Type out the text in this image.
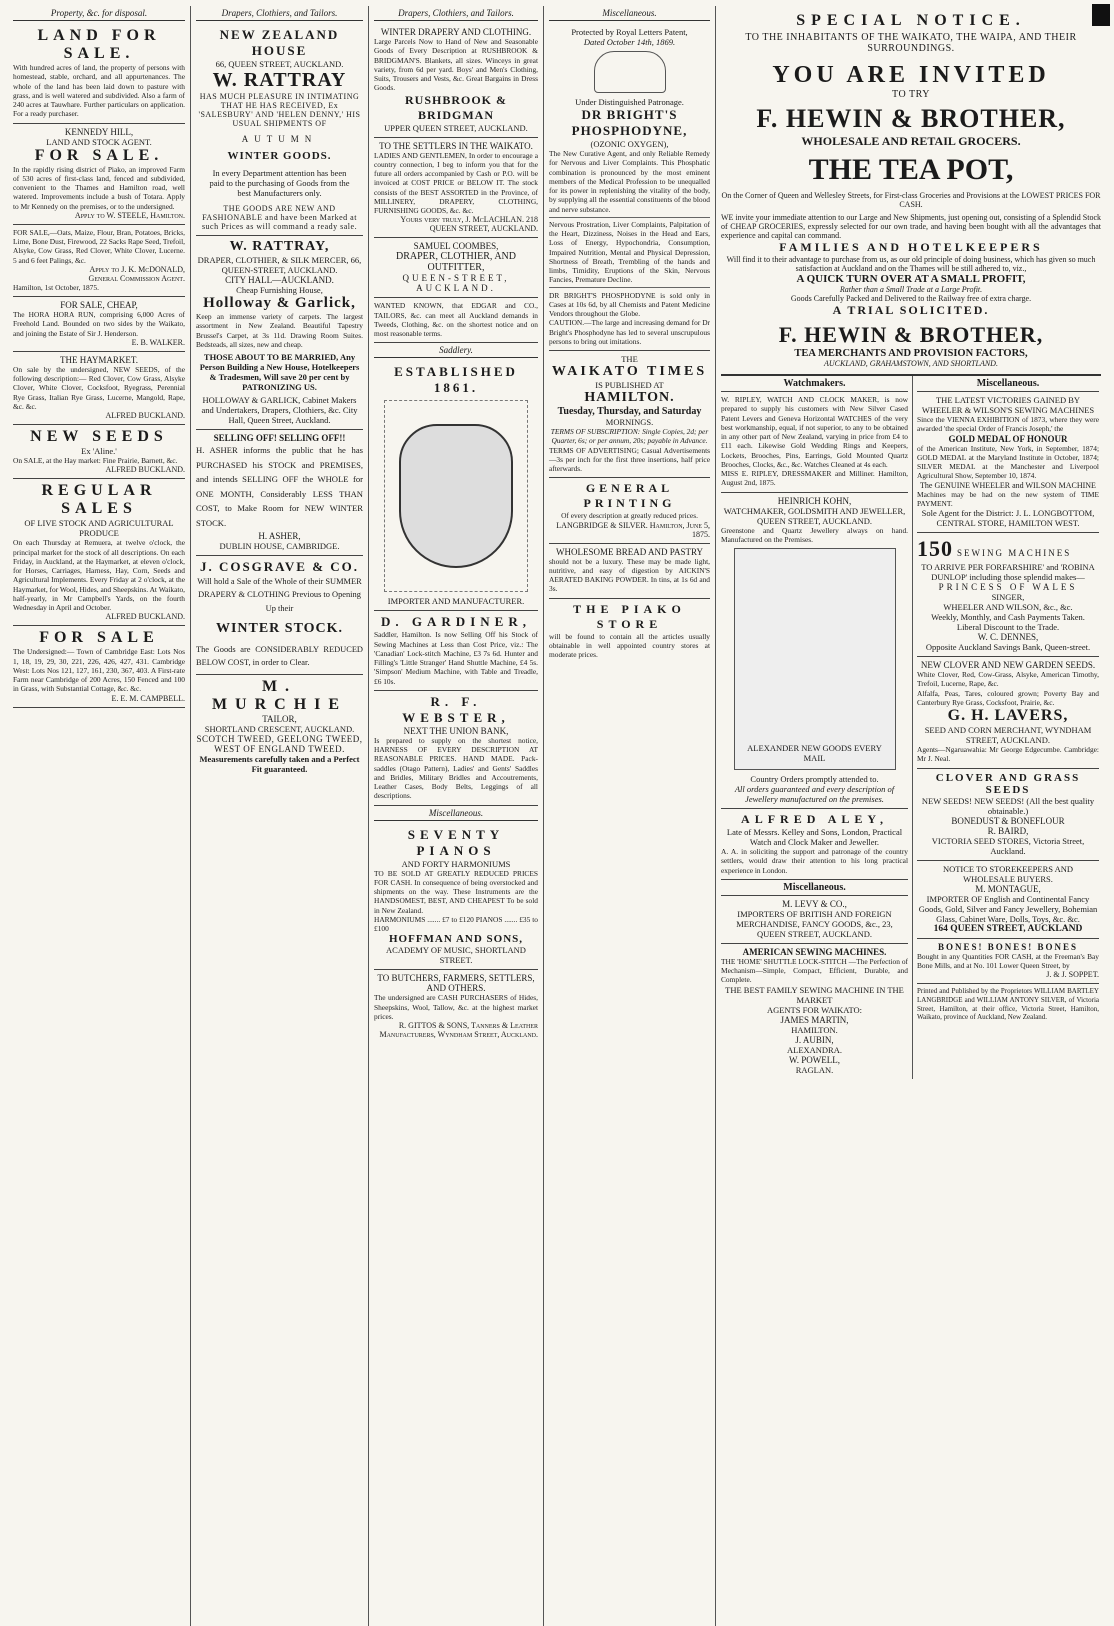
Property, &c. for disposal.
LAND FOR SALE.
With hundred acres of land, the property of persons with homestead, stable, orchard, and all appurtenances. The whole of the land has been laid down to pasture with grass, and is well watered and subdivided. Also a farm of 240 acres at Tauwhare. Further particulars on application. For a ready purchaser.
KENNEDY HILL,
LAND AND STOCK AGENT.
FOR SALE.
In the rapidly rising district of Piako, an improved Farm of 530 acres of first-class land, fenced and subdivided, convenient to the Thames and Hamilton road, well watered. Improvements include a bush of Totara. Apply to Mr Kennedy on the premises, or to the undersigned.
Apply to W. STEELE, Hamilton.
FOR SALE,—Oats, Maize, Flour, Bran, Potatoes, Bricks, Lime, Bone Dust, Firewood, 22 Sacks Rape Seed, Trefoil, Alsyke, Cow Grass, Red Clover, White Clover, Lucerne. 5 and 6 feet Palings, &c.
Apply to J. K. McDONALD,
General Commission Agent.
Hamilton, 1st October, 1875.
FOR SALE, CHEAP,
The HORA HORA RUN, comprising 6,000 Acres of Freehold Land. Bounded on two sides by the Waikato, and joining the Estate of Sir J. Henderson.
E. B. WALKER.
THE HAYMARKET.
On sale by the undersigned, NEW SEEDS, of the following description:— Red Clover, Cow Grass, Alsyke Clover, White Clover, Cocksfoot, Ryegrass, Perennial Rye Grass, Italian Rye Grass, Lucerne, Mangold, Rape, &c. &c.
ALFRED BUCKLAND.
NEW SEEDS
Ex 'Aline.'
On SALE, at the Hay market: Fine Prairie, Barnett, &c.
ALFRED BUCKLAND.
REGULAR SALES
OF LIVE STOCK AND AGRICULTURAL PRODUCE
On each Thursday at Remuera, at twelve o'clock, the principal market for the stock of all descriptions. On each Friday, in Auckland, at the Haymarket, at eleven o'clock, for Horses, Carriages, Harness, Hay, Corn, Seeds and Agricultural Implements. Every Friday at 2 o'clock, at the Haymarket, for Wool, Hides, and Sheepskins. At Waikato, half-yearly, in Mr Campbell's Yards, on the fourth Wednesday in April and October.
ALFRED BUCKLAND.
FOR SALE
The Undersigned:— Town of Cambridge East: Lots Nos 1, 18, 19, 29, 30, 221, 226, 426, 427, 431. Cambridge West: Lots Nos 121, 127, 161, 230, 367, 403. A First-rate Farm near Cambridge of 200 Acres, 150 Fenced and 100 in Grass, with Substantial Cottage, &c. &c.
E. E. M. CAMPBELL.
Drapers, Clothiers, and Tailors.
NEW ZEALAND HOUSE
66, QUEEN STREET, AUCKLAND.
W. RATTRAY
HAS MUCH PLEASURE IN INTIMATING THAT HE HAS RECEIVED, Ex 'SALESBURY' AND 'HELEN DENNY,' HIS USUAL SHIPMENTS OF
AUTUMN
WINTER GOODS.
In every Department attention has been paid to the purchasing of Goods from the best Manufacturers only.
THE GOODS ARE NEW AND FASHIONABLE and have been Marked at such Prices as will command a ready sale.
W. RATTRAY,
DRAPER, CLOTHIER, & SILK MERCER, 66, QUEEN-STREET, AUCKLAND.
CITY HALL—AUCKLAND.
Cheap Furnishing House,
Holloway & Garlick,
Keep an immense variety of carpets. The largest assortment in New Zealand. Beautiful Tapestry Brussel's Carpet, at 3s 11d. Drawing Room Suites. Bedsteads, all sizes, new and cheap.
THOSE ABOUT TO BE MARRIED, Any Person Building a New House, Hotelkeepers & Tradesmen, Will save 20 per cent by PATRONIZING US.
HOLLOWAY & GARLICK, Cabinet Makers and Undertakers, Drapers, Clothiers, &c. City Hall, Queen Street, Auckland.
SELLING OFF! SELLING OFF!!
H. ASHER informs the public that he has PURCHASED his STOCK and PREMISES, and intends SELLING OFF the WHOLE for ONE MONTH, Considerably LESS THAN COST, to Make Room for NEW WINTER STOCK.
H. ASHER,
DUBLIN HOUSE, CAMBRIDGE.
J. COSGRAVE & CO.
Will hold a Sale of the Whole of their SUMMER DRAPERY & CLOTHING Previous to Opening Up their
WINTER STOCK.
The Goods are CONSIDERABLY REDUCED BELOW COST, in order to Clear.
M. MURCHIE
TAILOR,
SHORTLAND CRESCENT, AUCKLAND.
SCOTCH TWEED, GEELONG TWEED, WEST OF ENGLAND TWEED.
Measurements carefully taken and a Perfect Fit guaranteed.
Drapers, Clothiers, and Tailors.
WINTER DRAPERY AND CLOTHING.
Large Parcels Now to Hand of New and Seasonable Goods of Every Description at RUSHBROOK & BRIDGMAN'S. Blankets, all sizes. Winceys in great variety, from 6d per yard. Boys' and Men's Clothing, Suits, Trousers and Vests, &c. Great Bargains in Dress Goods.
RUSHBROOK & BRIDGMAN
UPPER QUEEN STREET, AUCKLAND.
TO THE SETTLERS IN THE WAIKATO.
LADIES AND GENTLEMEN, In order to encourage a country connection, I beg to inform you that for the future all orders accompanied by Cash or P.O. will be invoiced at COST PRICE or BELOW IT. The stock consists of the BEST ASSORTED in the Province, of MILLINERY, DRAPERY, CLOTHING, FURNISHING GOODS, &c. &c.
Yours very truly, J. McLACHLAN. 218 QUEEN STREET, AUCKLAND.
SAMUEL COOMBES,
DRAPER, CLOTHIER, AND OUTFITTER,
QUEEN-STREET, AUCKLAND.
WANTED KNOWN, that EDGAR and CO., TAILORS, &c. can meet all Auckland demands in Tweeds, Clothing, &c. on the shortest notice and on most reasonable terms.
Saddlery.
ESTABLISHED 1861.
IMPORTER AND MANUFACTURER.
D. GARDINER,
Saddler, Hamilton. Is now Selling Off his Stock of Sewing Machines at Less than Cost Price, viz.: The 'Canadian' Lock-stitch Machine, £3 7s 6d. Hunter and Filling's 'Little Stranger' Hand Shuttle Machine, £4 5s. 'Simpson' Medium Machine, with Table and Treadle, £6 10s.
R. F. WEBSTER,
NEXT THE UNION BANK,
Is prepared to supply on the shortest notice, HARNESS OF EVERY DESCRIPTION AT REASONABLE PRICES. HAND MADE. Pack-saddles (Otago Pattern), Ladies' and Gents' Saddles and Bridles, Military Bridles and Accoutrements, Leather Cases, Body Belts, Leggings of all descriptions.
Miscellaneous.
SEVENTY PIANOS
AND FORTY HARMONIUMS
TO BE SOLD AT GREATLY REDUCED PRICES FOR CASH. In consequence of being overstocked and shipments on the way. These Instruments are the HANDSOMEST, BEST, AND CHEAPEST To be sold in New Zealand.
HARMONIUMS ....... £7 to £120 PIANOS ....... £35 to £100
HOFFMAN AND SONS,
ACADEMY OF MUSIC, SHORTLAND STREET.
TO BUTCHERS, FARMERS, SETTLERS, AND OTHERS.
The undersigned are CASH PURCHASERS of Hides, Sheepskins, Wool, Tallow, &c. at the highest market prices.
R. GITTOS & SONS, Tanners & Leather Manufacturers, Wyndham Street, Auckland.
Miscellaneous.
Protected by Royal Letters Patent,
Dated October 14th, 1869.
Under Distinguished Patronage.
DR BRIGHT'S PHOSPHODYNE,
(OZONIC OXYGEN),
The New Curative Agent, and only Reliable Remedy for Nervous and Liver Complaints. This Phosphatic combination is pronounced by the most eminent members of the Medical Profession to be unequalled for its power in replenishing the vitality of the body, by supplying all the essential constituents of the blood and nerve substance.
Nervous Prostration, Liver Complaints, Palpitation of the Heart, Dizziness, Noises in the Head and Ears, Loss of Energy, Hypochondria, Consumption, Impaired Nutrition, Mental and Physical Depression, Shortness of Breath, Trembling of the hands and limbs, Timidity, Eruptions of the Skin, Nervous Fancies, Premature Decline.
DR BRIGHT'S PHOSPHODYNE is sold only in Cases at 10s 6d, by all Chemists and Patent Medicine Vendors throughout the Globe.
CAUTION.—The large and increasing demand for Dr Bright's Phosphodyne has led to several unscrupulous persons to bring out imitations.
THE
WAIKATO TIMES
IS PUBLISHED AT
HAMILTON.
Tuesday, Thursday, and Saturday
MORNINGS.
TERMS OF SUBSCRIPTION: Single Copies, 2d; per Quarter, 6s; or per annum, 20s; payable in Advance.
TERMS OF ADVERTISING; Casual Advertisements—3s per inch for the first three insertions, half price afterwards.
GENERAL PRINTING
Of every description at greatly reduced prices.
LANGBRIDGE & SILVER. Hamilton, June 5, 1875.
WHOLESOME BREAD AND PASTRY
should not be a luxury. These may be made light, nutritive, and easy of digestion by AICKIN'S AERATED BAKING POWDER. In tins, at 1s 6d and 3s.
THE PIAKO STORE
will be found to contain all the articles usually obtainable in well appointed country stores at moderate prices.
SPECIAL NOTICE.
TO THE INHABITANTS OF THE WAIKATO, THE WAIPA, AND THEIR SURROUNDINGS.
YOU ARE INVITED
TO TRY
F. HEWIN & BROTHER,
WHOLESALE AND RETAIL GROCERS.
THE TEA POT,
On the Corner of Queen and Wellesley Streets, for First-class Groceries and Provisions at the LOWEST PRICES FOR CASH.
WE invite your immediate attention to our Large and New Shipments, just opening out, consisting of a Splendid Stock of CHEAP GROCERIES, expressly selected for our own trade, and having been bought with all the advantages that experience and capital can command.
FAMILIES AND HOTELKEEPERS
Will find it to their advantage to purchase from us, as our old principle of doing business, which has given so much satisfaction at Auckland and on the Thames will be still adhered to, viz.,
A QUICK TURN OVER AT A SMALL PROFIT,
Rather than a Small Trade at a Large Profit.
Goods Carefully Packed and Delivered to the Railway free of extra charge.
A TRIAL SOLICITED.
F. HEWIN & BROTHER,
TEA MERCHANTS AND PROVISION FACTORS,
AUCKLAND, GRAHAMSTOWN, AND SHORTLAND.
Watchmakers.
W. RIPLEY, WATCH AND CLOCK MAKER, is now prepared to supply his customers with New Silver Cased Patent Levers and Geneva Horizontal WATCHES of the very best workmanship, equal, if not superior, to any to be obtained in any other part of New Zealand, varying in price from £4 to £11 each. Likewise Gold Wedding Rings and Keepers, Lockets, Brooches, Pins, Earrings, Gold Mounted Quartz Brooches, Clocks, &c., &c. Watches Cleaned at 4s each.
MISS E. RIPLEY, DRESSMAKER and Milliner. Hamilton, August 2nd, 1875.
HEINRICH KOHN,
WATCHMAKER, GOLDSMITH AND JEWELLER, QUEEN STREET, AUCKLAND.
Greenstone and Quartz Jewellery always on hand. Manufactured on the Premises.
ALEXANDER NEW GOODS EVERY MAIL
Country Orders promptly attended to.
All orders guaranteed and every description of Jewellery manufactured on the premises.
ALFRED ALEY,
Late of Messrs. Kelley and Sons, London, Practical Watch and Clock Maker and Jeweller.
A. A. in soliciting the support and patronage of the country settlers, would draw their attention to his long practical experience in London.
Miscellaneous.
M. LEVY & CO.,
IMPORTERS OF BRITISH AND FOREIGN MERCHANDISE, FANCY GOODS, &c., 23, QUEEN STREET, AUCKLAND.
AMERICAN SEWING MACHINES.
THE 'HOME' SHUTTLE LOCK-STITCH —The Perfection of Mechanism—Simple, Compact, Efficient, Durable, and Complete.
THE BEST FAMILY SEWING MACHINE IN THE MARKET
AGENTS FOR WAIKATO:
JAMES MARTIN,
HAMILTON.
J. AUBIN,
ALEXANDRA.
W. POWELL,
RAGLAN.
Miscellaneous.
THE LATEST VICTORIES GAINED BY WHEELER & WILSON'S SEWING MACHINES
Since the VIENNA EXHIBITION of 1873, where they were awarded 'the special Order of Francis Joseph,' the
GOLD MEDAL OF HONOUR
of the American Institute, New York, in September, 1874; GOLD MEDAL at the Maryland Institute in October, 1874; SILVER MEDAL at the Manchester and Liverpool Agricultural Show, September 10, 1874.
The GENUINE WHEELER and WILSON MACHINE
Machines may be had on the new system of TIME PAYMENT.
Sole Agent for the District: J. L. LONGBOTTOM, CENTRAL STORE, HAMILTON WEST.
150 SEWING MACHINES
TO ARRIVE PER FORFARSHIRE' and 'ROBINA DUNLOP' including those splendid makes—
PRINCESS OF WALES
SINGER,
WHEELER AND WILSON, &c., &c.
Weekly, Monthly, and Cash Payments Taken.
Liberal Discount to the Trade.
W. C. DENNES,
Opposite Auckland Savings Bank, Queen-street.
NEW CLOVER AND NEW GARDEN SEEDS.
White Clover, Red, Cow-Grass, Alsyke, American Timothy, Trefoil, Lucerne, Rape, &c.
Alfalfa, Peas, Tares, coloured grown; Poverty Bay and Canterbury Rye Grass, Cocksfoot, Prairie, &c.
G. H. LAVERS,
SEED AND CORN MERCHANT, WYNDHAM STREET, AUCKLAND.
Agents—Ngaruawahia: Mr George Edgecumbe. Cambridge: Mr J. Neal.
CLOVER AND GRASS SEEDS
NEW SEEDS! NEW SEEDS! (All the best quality obtainable.)
BONEDUST & BONEFLOUR
R. BAIRD,
VICTORIA SEED STORES, Victoria Street, Auckland.
NOTICE TO STOREKEEPERS AND WHOLESALE BUYERS.
M. MONTAGUE,
IMPORTER OF English and Continental Fancy Goods, Gold, Silver and Fancy Jewellery, Bohemian Glass, Cabinet Ware, Dolls, Toys, &c. &c.
164 QUEEN STREET, AUCKLAND
BONES! BONES! BONES
Bought in any Quantities FOR CASH, at the Freeman's Bay Bone Mills, and at No. 101 Lower Queen Street, by
J. & J. SOPPET.
Printed and Published by the Proprietors WILLIAM BARTLEY LANGBRIDGE and WILLIAM ANTONY SILVER, of Victoria Street, Hamilton, at their office, Victoria Street, Hamilton, Waikato, province of Auckland, New Zealand.
